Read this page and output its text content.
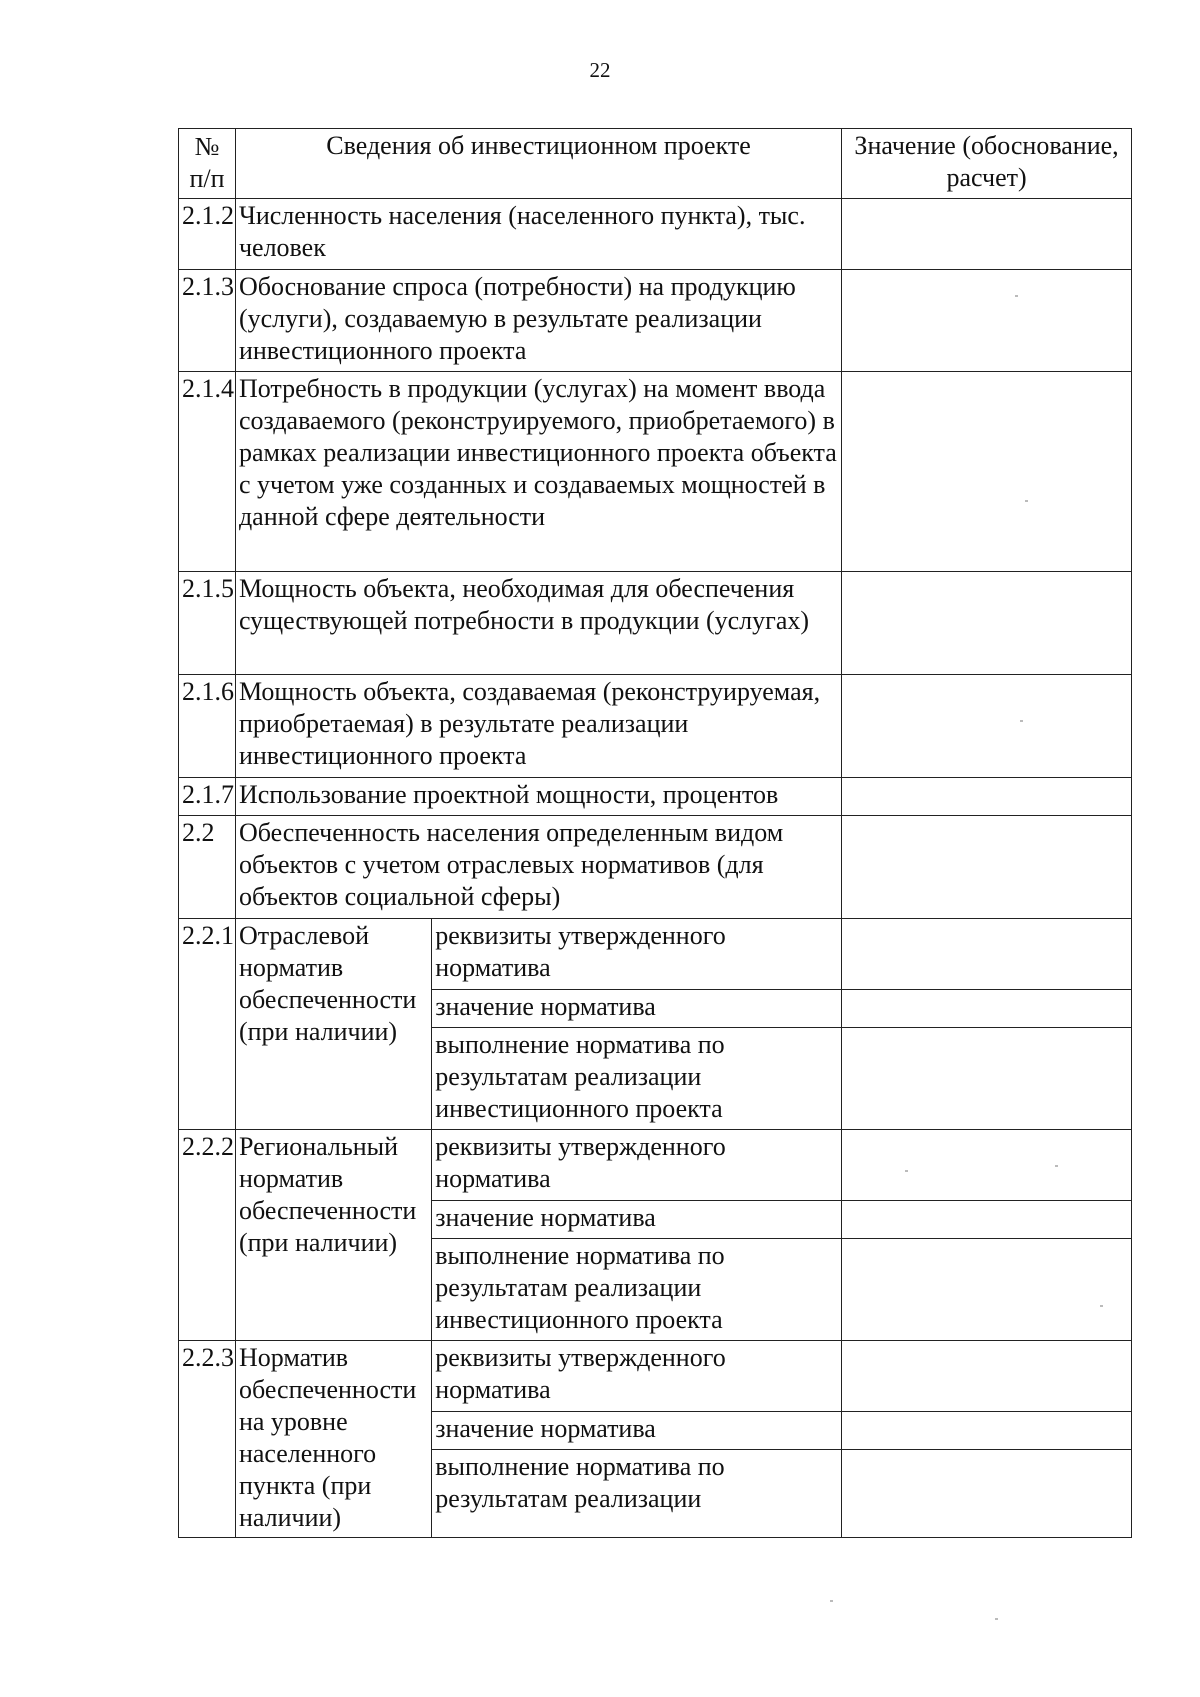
22
№ п/п	Сведения об инвестиционном проекте		Значение (обоснование, расчет)
2.1.2	Численность населения (населенного пункта), тыс. человек		
2.1.3	Обоснование спроса (потребности) на продукцию (услуги), создаваемую в результате реализации инвестиционного проекта		
2.1.4	Потребность в продукции (услугах) на момент ввода создаваемого (реконструируемого, приобретаемого) в рамках реализации инвестиционного проекта объекта с учетом уже созданных и создаваемых мощностей в данной сфере деятельности		
2.1.5	Мощность объекта, необходимая для обеспечения существующей потребности в продукции (услугах)		
2.1.6	Мощность объекта, создаваемая (реконструируемая, приобретаемая) в результате реализации инвестиционного проекта		
2.1.7	Использование проектной мощности, процентов		
2.2	Обеспеченность населения определенным видом объектов с учетом отраслевых нормативов (для объектов социальной сферы)		
2.2.1	Отраслевой норматив обеспеченности (при наличии)	реквизиты утвержденного норматива	
		значение норматива	
		выполнение норматива по результатам реализации инвестиционного проекта	
2.2.2	Региональный норматив обеспеченности (при наличии)	реквизиты утвержденного норматива	
		значение норматива	
		выполнение норматива по результатам реализации инвестиционного проекта	
2.2.3	Норматив обеспеченности на уровне населенного пункта (при наличии)	реквизиты утвержденного норматива	
		значение норматива	
		выполнение норматива по результатам реализации	
